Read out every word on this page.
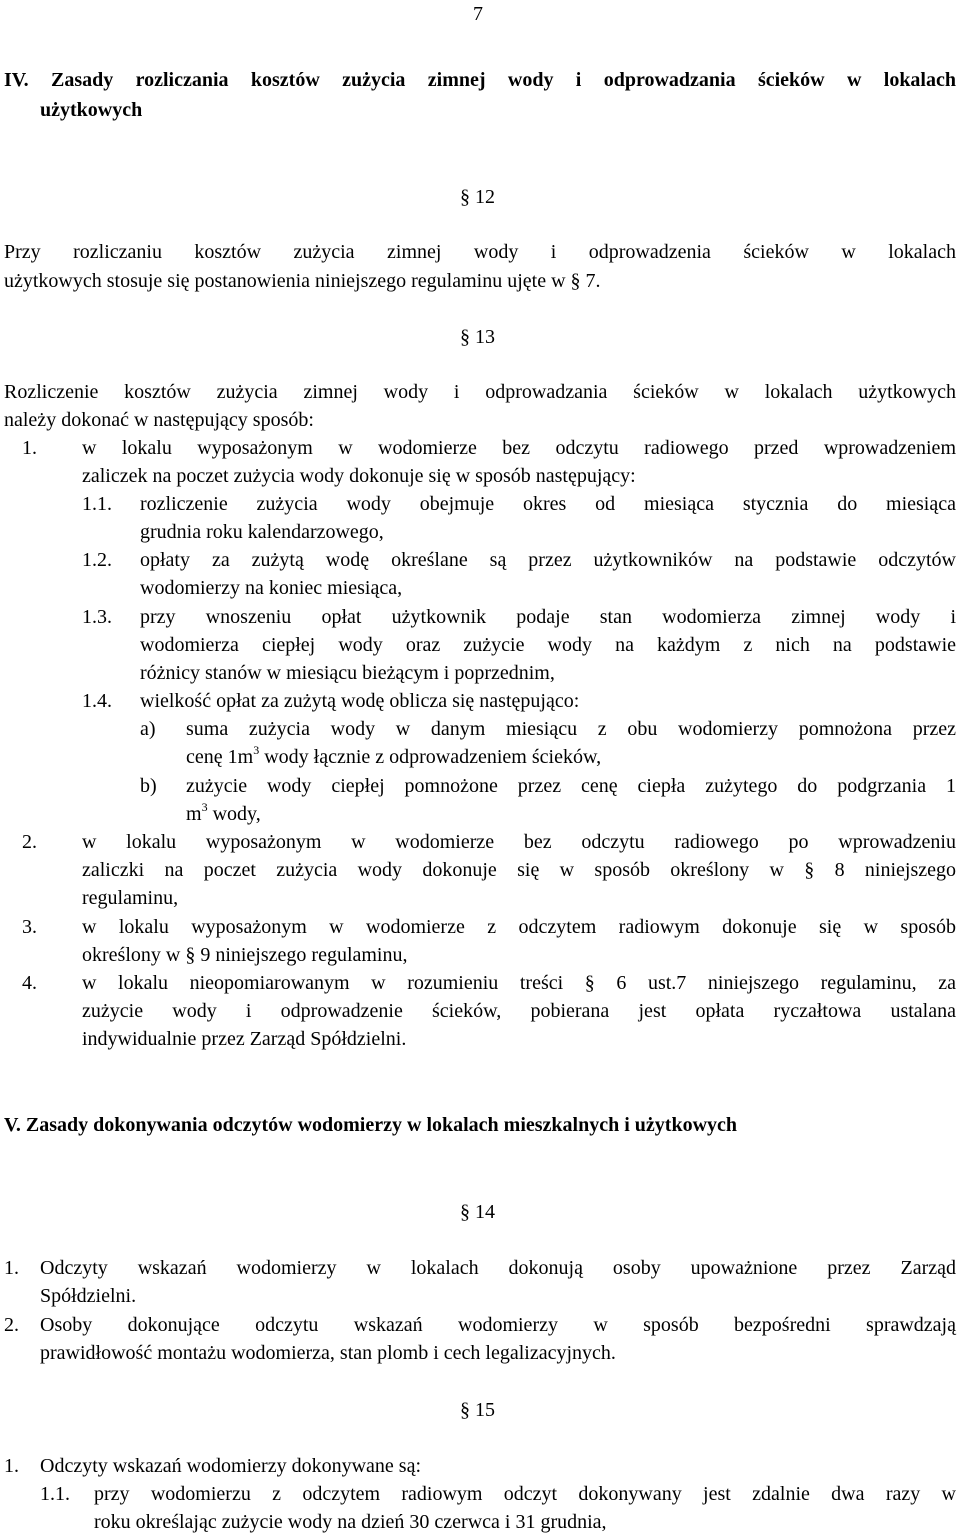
7
IV. Zasady rozliczania kosztów zużycia zimnej wody i odprowadzania ścieków w lokalach
użytkowych
§ 12
Przy rozliczaniu kosztów zużycia zimnej wody i odprowadzenia ścieków w lokalach
użytkowych stosuje się postanowienia niniejszego regulaminu ujęte w § 7.
§ 13
Rozliczenie kosztów zużycia zimnej wody i odprowadzania ścieków w lokalach użytkowych
należy dokonać w następujący sposób:
1. w lokalu wyposażonym w wodomierze bez odczytu radiowego przed wprowadzeniem
zaliczek na poczet zużycia wody dokonuje się w sposób następujący:
1.1. rozliczenie zużycia wody obejmuje okres od miesiąca stycznia do miesiąca
grudnia roku kalendarzowego,
1.2. opłaty za zużytą wodę określane są przez użytkowników na podstawie odczytów
wodomierzy na koniec miesiąca,
1.3. przy wnoszeniu opłat użytkownik podaje stan wodomierza zimnej wody i
wodomierza ciepłej wody oraz zużycie wody na każdym z nich na podstawie
różnicy stanów w miesiącu bieżącym i poprzednim,
1.4. wielkość opłat za zużytą wodę oblicza się następująco:
a) suma zużycia wody w danym miesiącu z obu wodomierzy pomnożona przez
cenę $1m^3$ wody łącznie z odprowadzeniem ścieków,
b) zużycie wody ciepłej pomnożone przez cenę ciepła zużytego do podgrzania 1
$m^3$ wody,
2. w lokalu wyposażonym w wodomierze bez odczytu radiowego po wprowadzeniu
zaliczki na poczet zużycia wody dokonuje się w sposób określony w § 8 niniejszego
regulaminu,
3. w lokalu wyposażonym w wodomierze z odczytem radiowym dokonuje się w sposób
określony w § 9 niniejszego regulaminu,
4. w lokalu nieopomiarowanym w rozumieniu treści § 6 ust.7 niniejszego regulaminu, za
zużycie wody i odprowadzenie ścieków, pobierana jest opłata ryczałtowa ustalana
indywidualnie przez Zarząd Spółdzielni.
V. Zasady dokonywania odczytów wodomierzy w lokalach mieszkalnych i użytkowych
§ 14
1. Odczyty wskazań wodomierzy w lokalach dokonują osoby upoważnione przez Zarząd
Spółdzielni.
2. Osoby dokonujące odczytu wskazań wodomierzy w sposób bezpośredni sprawdzają
prawidłowość montażu wodomierza, stan plomb i cech legalizacyjnych.
§ 15
1. Odczyty wskazań wodomierzy dokonywane są:
1.1. przy wodomierzu z odczytem radiowym odczyt dokonywany jest zdalnie dwa razy w
roku określając zużycie wody na dzień 30 czerwca i 31 grudnia,
